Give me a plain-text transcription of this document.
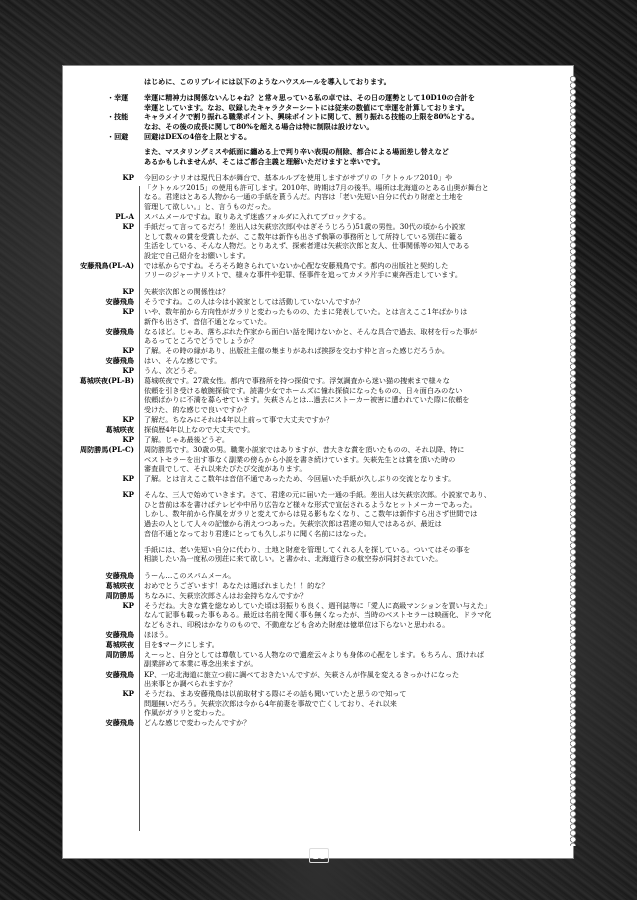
はじめに、このリプレイには以下のようなハウスルールを導入しております。
・幸運	幸運に精神力は関係ないんじゃね？と常々思っている私の卓では、その日の運勢として10D10の合計を
幸運としています。なお、収録したキャラクターシートには従来の数値にて幸運を計算しております。
・技能	キャラメイクで割り振れる職業ポイント、興味ポイントに関して、割り振れる技能の上限を80%とする。
なお、その後の成長に関して80%を超える場合は特に制限は設けない。
・回避	回避はDEXの4倍を上限とする。
また、マスタリングミスや紙面に纏める上で判り辛い表現の削除、都合による場面差し替えなど
あるかもしれませんが、そこはご都合主義と理解いただけますと幸いです。
KP 今回のシナリオは現代日本が舞台で、基本ルルブを使用しますがサプリの「クトゥルフ2010」や
「クトゥルフ2015」の使用も許可します。2010年、時期は7月の後半。場所は北海道のとある山奥が舞台と
なる。君達はとある人物から一通の手紙を貰うんだ。内容は「老い先短い自分に代わり財産と土地を
管理して欲しい。」と、言うものだった。
PL-A スパムメールですね。取りあえず迷惑フォルダに入れてブロックする。
KP 手紙だって言ってるだろ！差出人は矢萩宗次郎(やはぎそうじろう)51歳の男性。30代の頃から小説家
として数々の賞を受賞したが、ここ数年は新作も出さず執筆の事務所として所持している別荘に籠る
生活をしている、そんな人物だ。とりあえず、探索者達は矢萩宗次郎と友人、仕事関係等の知人である
設定で自己紹介をお願いします。
安藤飛鳥(PL-A) では私からですね。そろそろ飽きられていないか心配な安藤飛鳥です。都内の出版社と契約した
フリーのジャーナリストで、様々な事件や犯罪、怪事件を追ってカメラ片手に東奔西走しています。
KP 矢萩宗次郎との関係性は？
安藤飛鳥 そうですね。この人は今は小説家としては活動していないんですか？
KP いや、数年前から方向性がガラリと変わったものの、たまに発表していた。とは言えここ1年ばかりは
新作も出さず、音信不通となっていた。
安藤飛鳥 なるほど。じゃあ、落ちぶれた作家から面白い話を聞けないかと、そんな具合で過去、取材を行った事が
あるってところでどうでしょうか？
KP 了解。その時の縁があり、出版社主催の集まりがあれば挨拶を交わす仲と言った感じだろうか。
安藤飛鳥 はい、そんな感じです。
KP うん、次どうぞ。
葛城咲夜(PL-B) 葛城咲夜です。27歳女性。都内で事務所を持つ探偵です。浮気調査から迷い猫の捜索まで様々な
依頼を引き受ける敏腕探偵です。読書少女でホームズに憧れ探偵になったものの、日々面白みのない
依頼ばかりに不満を募らせています。矢萩さんとは…過去にストーカー被害に遭われていた際に依頼を
受けた、的な感じで良いですか？
KP 了解だ。ちなみにそれは4年以上前って事で大丈夫ですか？
葛城咲夜 探偵歴4年以上なので大丈夫です。
KP 了解。じゃあ最後どうぞ。
周防勝馬(PL-C) 周防勝馬です。30歳の男。職業小説家ではありますが、昔大きな賞を頂いたものの、それ以降、特に
ベストセラーを出す事なく副業の傍らから小説を書き続けています。矢萩先生とは賞を頂いた時の
審査員でして、それ以来たびたび交流があります。
KP 了解。とは言えここ数年は音信不通であったため、今回届いた手紙が久しぶりの交流となります。
KP そんな、三人で始めていきます。さて、君達の元に届いた一通の手紙。差出人は矢萩宗次郎。小説家であり、
ひと昔前は本を書けばテレビや中吊り広告など様々な形式で宣伝されるようなヒットメーカーであった。
しかし、数年前から作風をガラリと変えてからは見る影もなくなり、ここ数年は新作すら出さず世間では
過去の人として人々の記憶から消えつつあった。矢萩宗次郎は君達の知人ではあるが、最近は
音信不通となっており君達にとっても久しぶりに聞く名前にはなった。
手紙には、老い先短い自分に代わり、土地と財産を管理してくれる人を探している。ついてはその事を
相談したい為一度私の別荘に来て欲しい。と書かれ、北海道行きの航空券が同封されていた。
安藤飛鳥 うーん…このスパムメール。
葛城咲夜 おめでとうございます！あなたは選ばれました！！的な？
周防勝馬 ちなみに、矢萩宗次郎さんはお金持ちなんですか？
KP そうだね。大きな賞を総なめしていた頃は羽振りも良く、週刊誌等に「愛人に高級マンションを買い与えた」
なんて記事も載った事もある。最近は名前を聞く事も無くなったが、当時のベストセラーは映画化、ドラマ化
などもされ、印税はかなりのもので、不動産なども含めた財産は億単位は下らないと思われる。
安藤飛鳥 ほほう。
葛城咲夜 目を$マークにします。
周防勝馬 えーっと、自分としては尊敬している人物なので遺産云々よりも身体の心配をします。もちろん、頂ければ
副業辞めて本業に専念出来ますが。
安藤飛鳥 KP、一応北海道に旅立つ前に調べておきたいんですが、矢萩さんが作風を変えるきっかけになった
出来事とか調べられますか？
KP そうだね、まあ安藤飛鳥は以前取材する際にその話も聞いていたと思うので知って
問題無いだろう。矢萩宗次郎は今から4年前妻を事故で亡くしており、それ以来
作風がガラリと変わった。
安藤飛鳥 どんな感じで変わったんですか？
18
